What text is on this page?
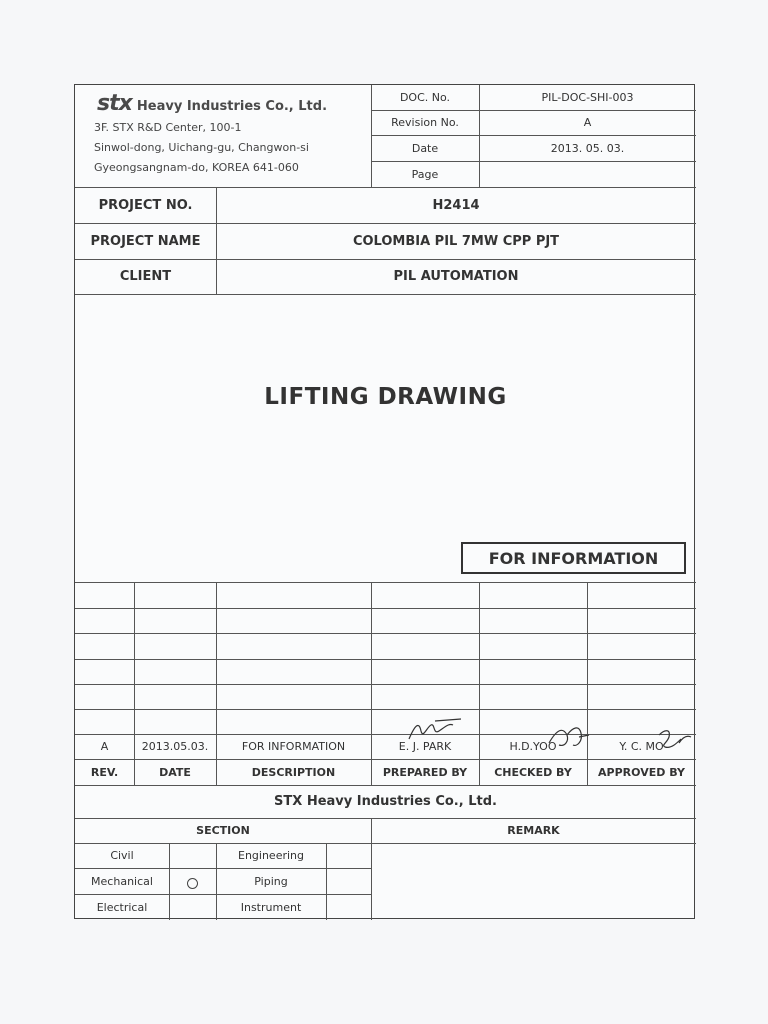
stx Heavy Industries Co., Ltd.
3F. STX R&D Center, 100-1
Sinwol-dong, Uichang-gu, Changwon-si
Gyeongsangnam-do, KOREA 641-060
DOC. No.	PIL-DOC-SHI-003
Revision No.	A
Date	2013. 05. 03.
Page
PROJECT NO.	H2414
PROJECT NAME	COLOMBIA PIL 7MW CPP PJT
CLIENT	PIL AUTOMATION
LIFTING DRAWING
FOR INFORMATION
A	2013.05.03.	FOR INFORMATION	E. J. PARK	H.D.YOO	Y. C. MO
REV.	DATE	DESCRIPTION	PREPARED BY	CHECKED BY	APPROVED BY
STX Heavy Industries Co., Ltd.
SECTION	REMARK
Civil	Engineering
Mechanical	Piping
Electrical	Instrument
